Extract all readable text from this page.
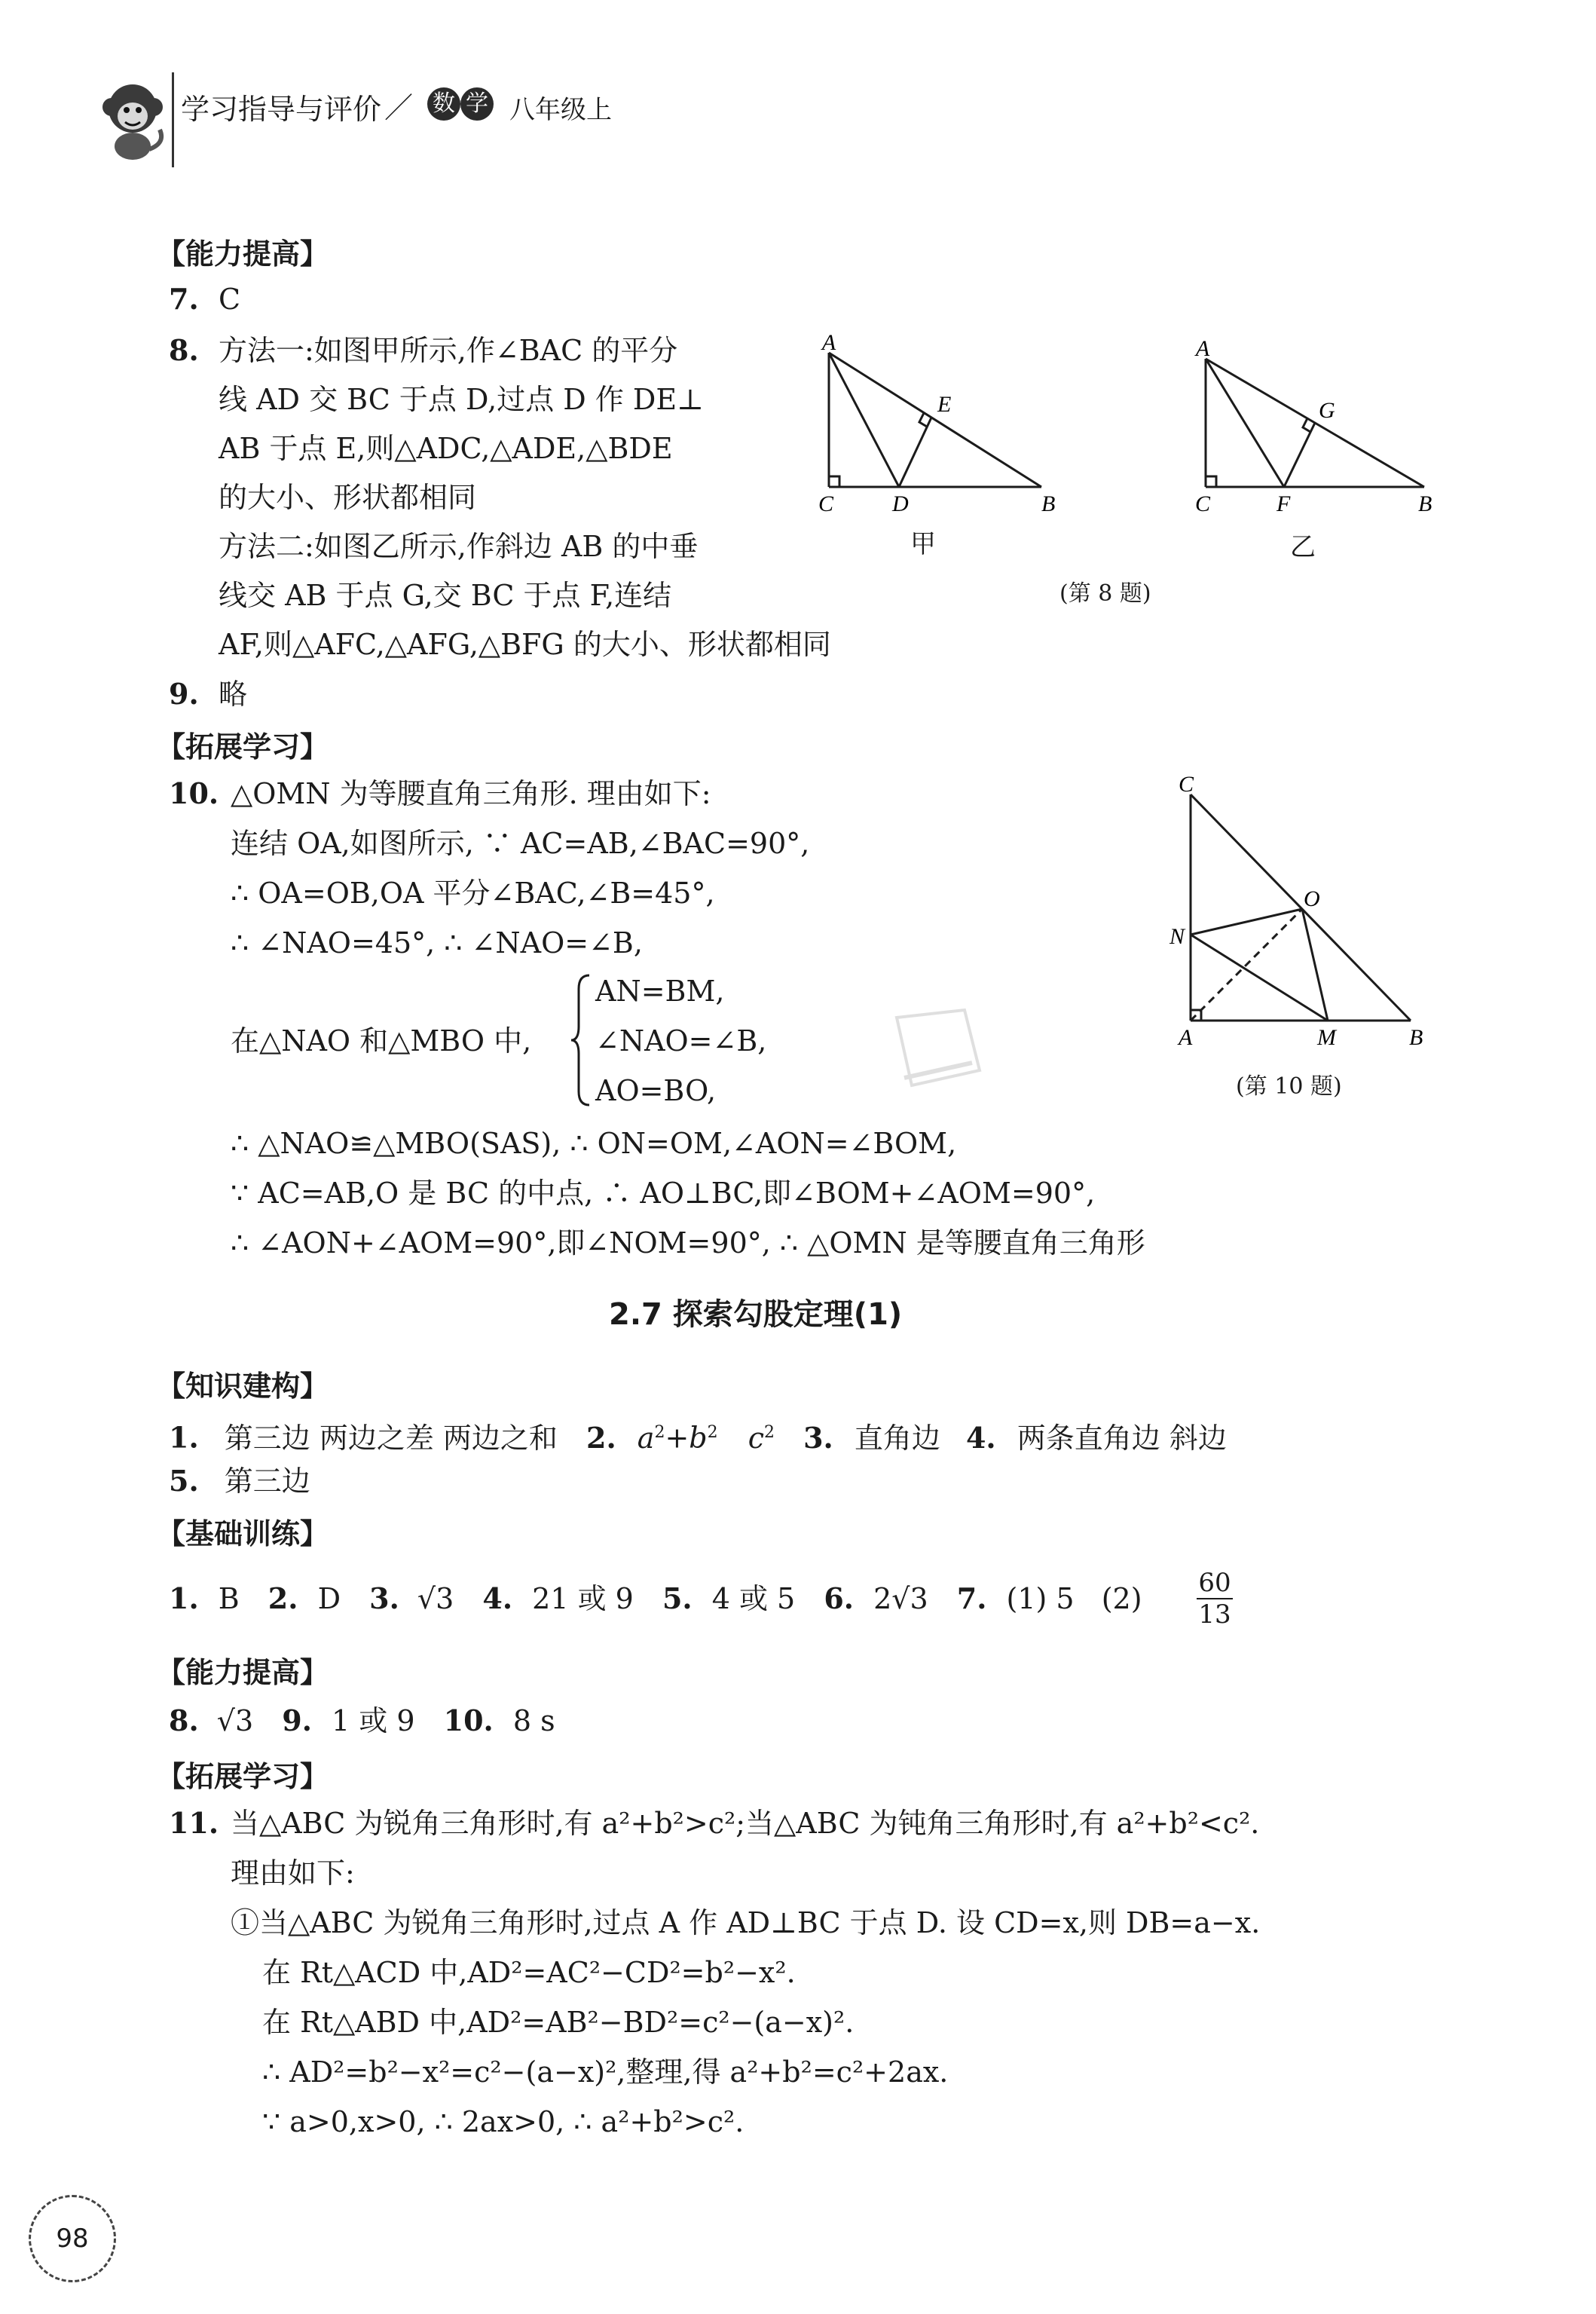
学习指导与评价 ／ 数 学 八年级上
【能力提高】
7. C
8. 方法一:如图甲所示,作∠BAC 的平分
线 AD 交 BC 于点 D,过点 D 作 DE⊥
AB 于点 E,则△ADC,△ADE,△BDE
的大小、形状都相同
方法二:如图乙所示,作斜边 AB 的中垂
线交 AB 于点 G,交 BC 于点 F,连结
AF,则△AFC,△AFG,△BFG 的大小、形状都相同
9. 略
【拓展学习】
10. △OMN 为等腰直角三角形. 理由如下:
连结 OA,如图所示, ∵ AC=AB,∠BAC=90°,
∴ OA=OB,OA 平分∠BAC,∠B=45°,
∴ ∠NAO=45°, ∴ ∠NAO=∠B,
在△NAO 和△MBO 中,
AN=BM,
∠NAO=∠B,
AO=BO,
∴ △NAO≌△MBO(SAS), ∴ ON=OM,∠AON=∠BOM,
∵ AC=AB,O 是 BC 的中点, ∴ AO⊥BC,即∠BOM+∠AOM=90°,
∴ ∠AON+∠AOM=90°,即∠NOM=90°, ∴ △OMN 是等腰直角三角形
A
E
C	D	B
甲
A
G
C	F	B
乙
(第 8 题)
C
O
N
A	M	B
(第 10 题)
2.7 探索勾股定理(1)
【知识建构】
1. 第三边 两边之差 两边之和 2. $a^2+b^2$ $c^2$ 3. 直角边 4. 两条直角边 斜边
5. 第三边
【基础训练】
1. B 2. D 3. √3 4. 21 或 9 5. 4 或 5 6. 2√3 7. (1) 5 $(2) \frac{60}{13}$
【能力提高】
8. √3 9. 1 或 9 10. 8 s
【拓展学习】
11. 当△ABC 为锐角三角形时,有 a²+b²>c²;当△ABC 为钝角三角形时,有 a²+b²<c².
理由如下:
①当△ABC 为锐角三角形时,过点 A 作 AD⊥BC 于点 D. 设 CD=x,则 DB=a−x.
在 Rt△ACD 中,AD²=AC²−CD²=b²−x².
在 Rt△ABD 中,AD²=AB²−BD²=c²−(a−x)².
∴ AD²=b²−x²=c²−(a−x)²,整理,得 a²+b²=c²+2ax.
∵ a>0,x>0, ∴ 2ax>0, ∴ a²+b²>c².
98
